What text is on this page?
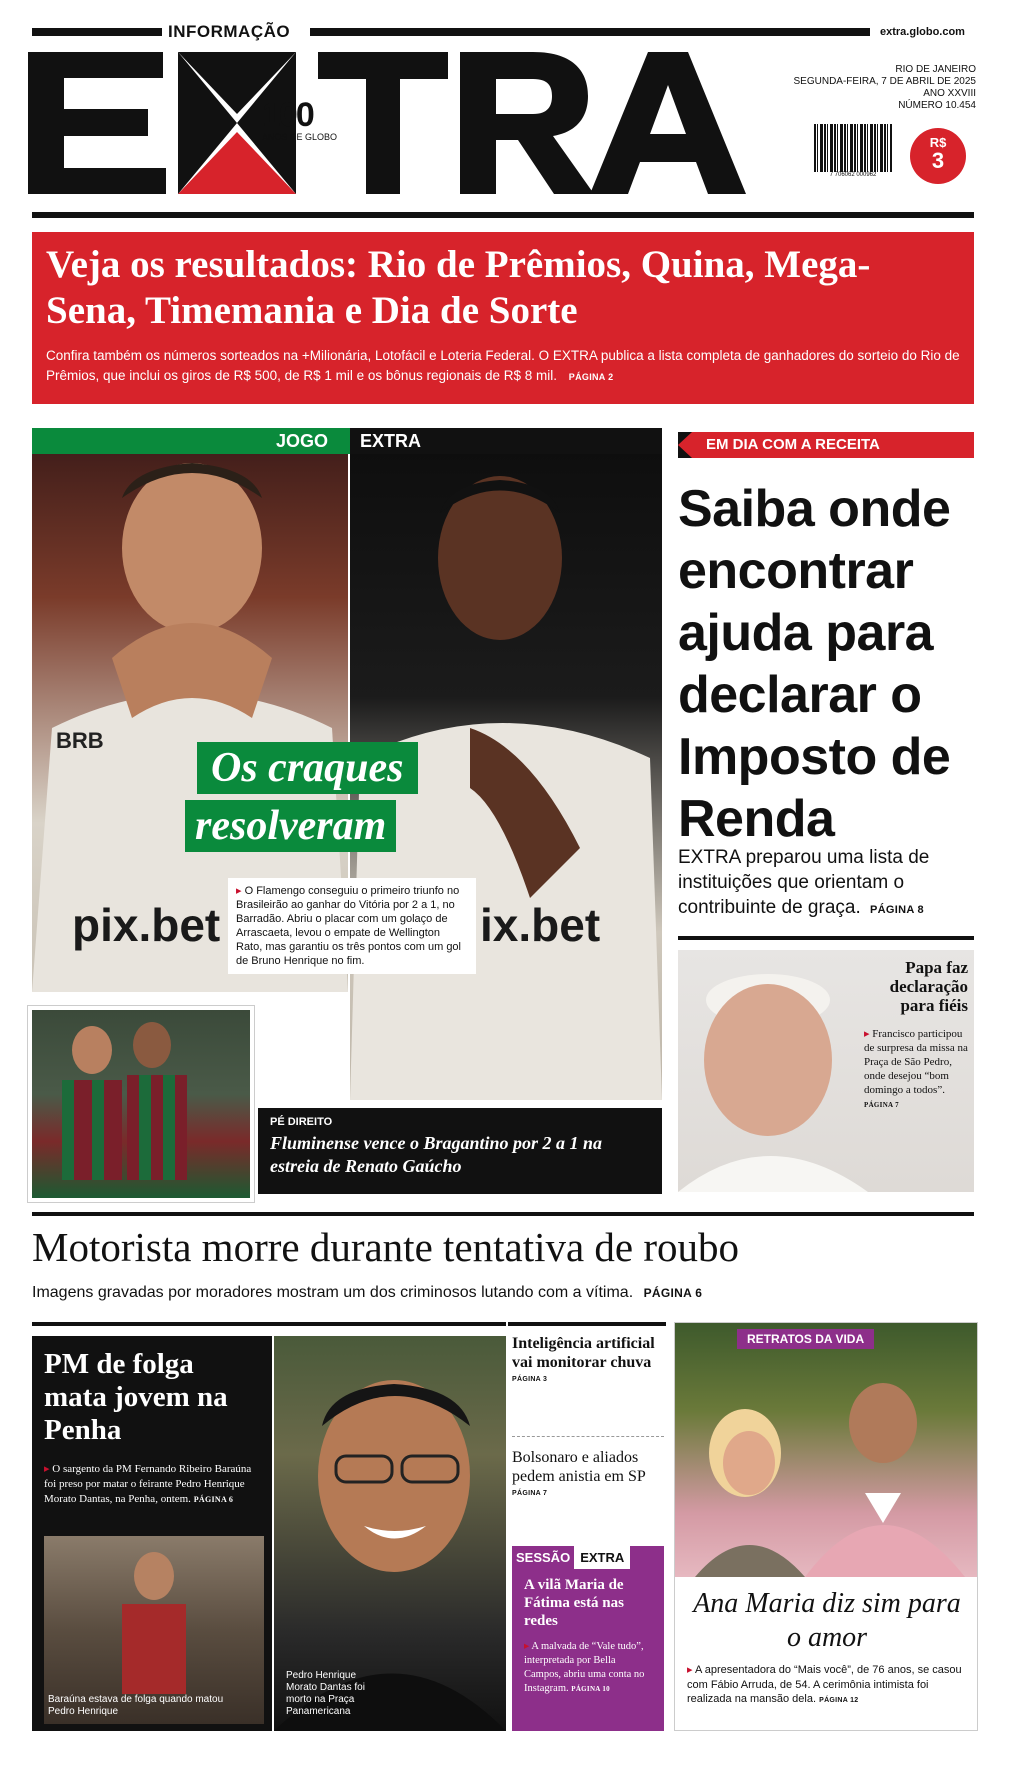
INFORMAÇÃO	extra.globo.com
100
ANOS DE GLOBO
RIO DE JANEIRO
SEGUNDA-FEIRA, 7 DE ABRIL DE 2025
ANO XXVIII
NÚMERO 10.454
7 706062 000962
R$
3
Veja os resultados: Rio de Prêmios, Quina, Mega-Sena, Timemania e Dia de Sorte
Confira também os números sorteados na +Milionária, Lotofácil e Loteria Federal. O EXTRA publica a lista completa de ganhadores do sorteio do Rio de Prêmios, que inclui os giros de R$ 500, de R$ 1 mil e os bônus regionais de R$ 8 mil. PÁGINA 2
BRB
pix.bet	ix.bet
JOGO EXTRA
Os craques resolveram
▸ O Flamengo conseguiu o primeiro triunfo no Brasileirão ao ganhar do Vitória por 2 a 1, no Barradão. Abriu o placar com um golaço de Arrascaeta, levou o empate de Wellington Rato, mas garantiu os três pontos com um gol de Bruno Henrique no fim.
PÉ DIREITO
Fluminense vence o Bragantino por 2 a 1 na estreia de Renato Gaúcho
EM DIA COM A RECEITA
Saiba onde encontrar ajuda para declarar o Imposto de Renda
EXTRA preparou uma lista de instituições que orientam o contribuinte de graça. PÁGINA 8
Papa faz declaração para fiéis
▸ Francisco participou de surpresa da missa na Praça de São Pedro, onde desejou “bom domingo a todos”. PÁGINA 7
Motorista morre durante tentativa de roubo
Imagens gravadas por moradores mostram um dos criminosos lutando com a vítima. PÁGINA 6
PM de folga mata jovem na Penha
▸ O sargento da PM Fernando Ribeiro Baraúna foi preso por matar o feirante Pedro Henrique Morato Dantas, na Penha, ontem. PÁGINA 6
Baraúna estava de folga quando matou Pedro Henrique
Pedro Henrique Morato Dantas foi morto na Praça Panamericana
Inteligência artificial vai monitorar chuva
PÁGINA 3
Bolsonaro e aliados pedem anistia em SP
PÁGINA 7
SESSÃO EXTRA
A vilã Maria de Fátima está nas redes
▸ A malvada de “Vale tudo”, interpretada por Bella Campos, abriu uma conta no Instagram. PÁGINA 10
RETRATOS DA VIDA
Ana Maria diz sim para o amor
▸ A apresentadora do “Mais você”, de 76 anos, se casou com Fábio Arruda, de 54. A cerimônia intimista foi realizada na mansão dela. PÁGINA 12
